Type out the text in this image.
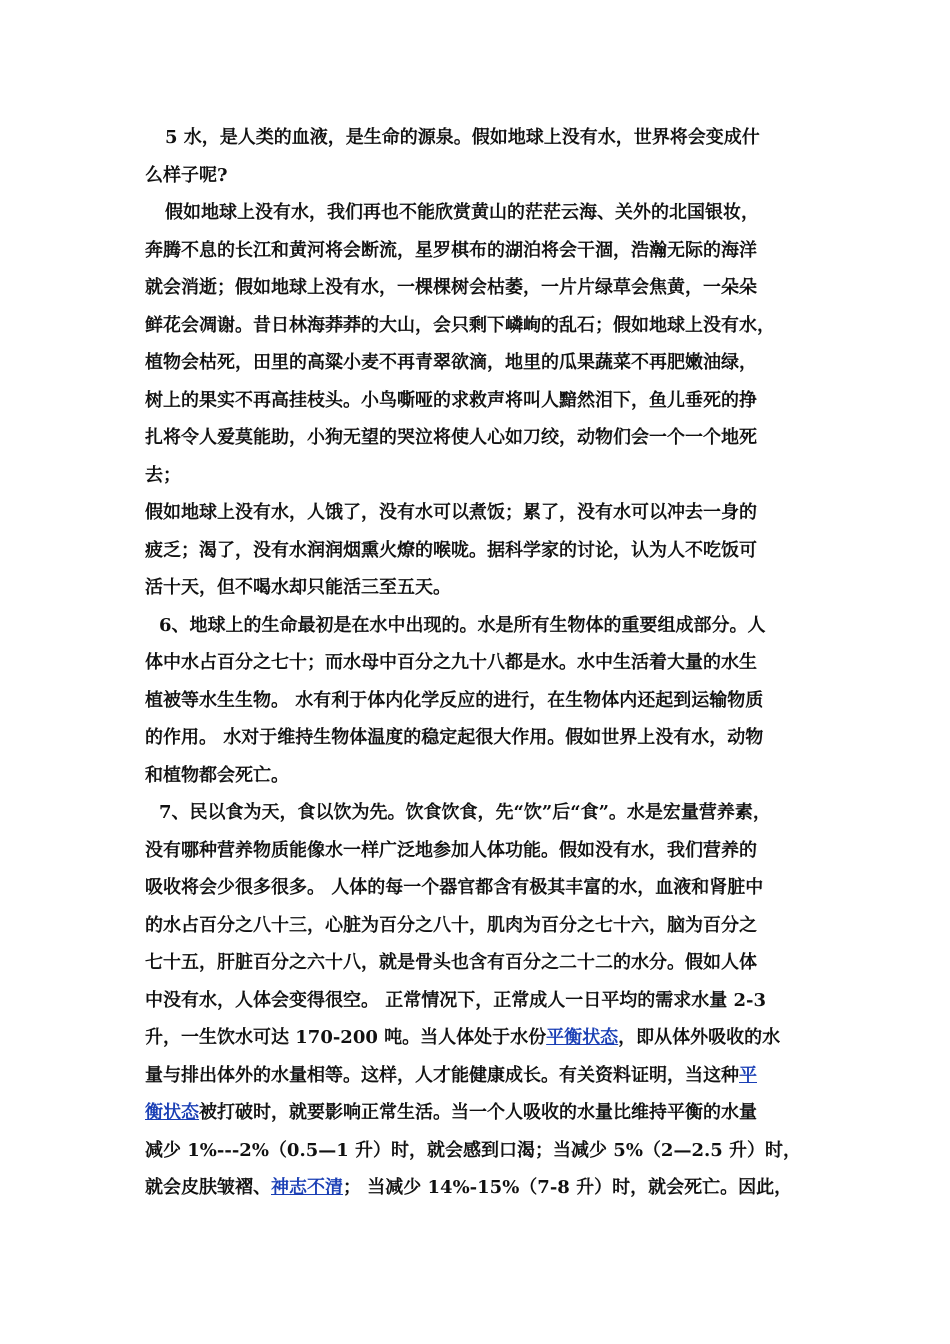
5 水，是人类的血液，是生命的源泉。假如地球上没有水，世界将会变成什
么样子呢?
假如地球上没有水，我们再也不能欣赏黄山的茫茫云海、关外的北国银妆，
奔腾不息的长江和黄河将会断流，星罗棋布的湖泊将会干涸，浩瀚无际的海洋
就会消逝；假如地球上没有水，一棵棵树会枯萎，一片片绿草会焦黄，一朵朵
鲜花会凋谢。昔日林海莽莽的大山，会只剩下嶙峋的乱石；假如地球上没有水，
植物会枯死，田里的高粱小麦不再青翠欲滴，地里的瓜果蔬菜不再肥嫩油绿，
树上的果实不再高挂枝头。小鸟嘶哑的求救声将叫人黯然泪下，鱼儿垂死的挣
扎将令人爱莫能助，小狗无望的哭泣将使人心如刀绞，动物们会一个一个地死
去；
假如地球上没有水，人饿了，没有水可以煮饭；累了，没有水可以冲去一身的
疲乏；渴了，没有水润润烟熏火燎的喉咙。据科学家的讨论，认为人不吃饭可
活十天，但不喝水却只能活三至五天。
6、地球上的生命最初是在水中出现的。水是所有生物体的重要组成部分。人
体中水占百分之七十；而水母中百分之九十八都是水。水中生活着大量的水生
植被等水生生物。 水有利于体内化学反应的进行，在生物体内还起到运输物质
的作用。 水对于维持生物体温度的稳定起很大作用。假如世界上没有水，动物
和植物都会死亡。
7、民以食为天，食以饮为先。饮食饮食，先“饮”后“食”。水是宏量营养素，
没有哪种营养物质能像水一样广泛地参加人体功能。假如没有水，我们营养的
吸收将会少很多很多。 人体的每一个器官都含有极其丰富的水，血液和肾脏中
的水占百分之八十三，心脏为百分之八十，肌肉为百分之七十六，脑为百分之
七十五，肝脏百分之六十八，就是骨头也含有百分之二十二的水分。假如人体
中没有水，人体会变得很空。 正常情况下，正常成人一日平均的需求水量 2-3
升，一生饮水可达 170-200 吨。当人体处于水份平衡状态，即从体外吸收的水
量与排出体外的水量相等。这样，人才能健康成长。有关资料证明，当这种平
衡状态被打破时，就要影响正常生活。当一个人吸收的水量比维持平衡的水量
减少 1%---2%（0.5—1 升）时，就会感到口渴；当减少 5%（2—2.5 升）时，
就会皮肤皱褶、神志不清； 当减少 14%-15%（7-8 升）时，就会死亡。因此，
